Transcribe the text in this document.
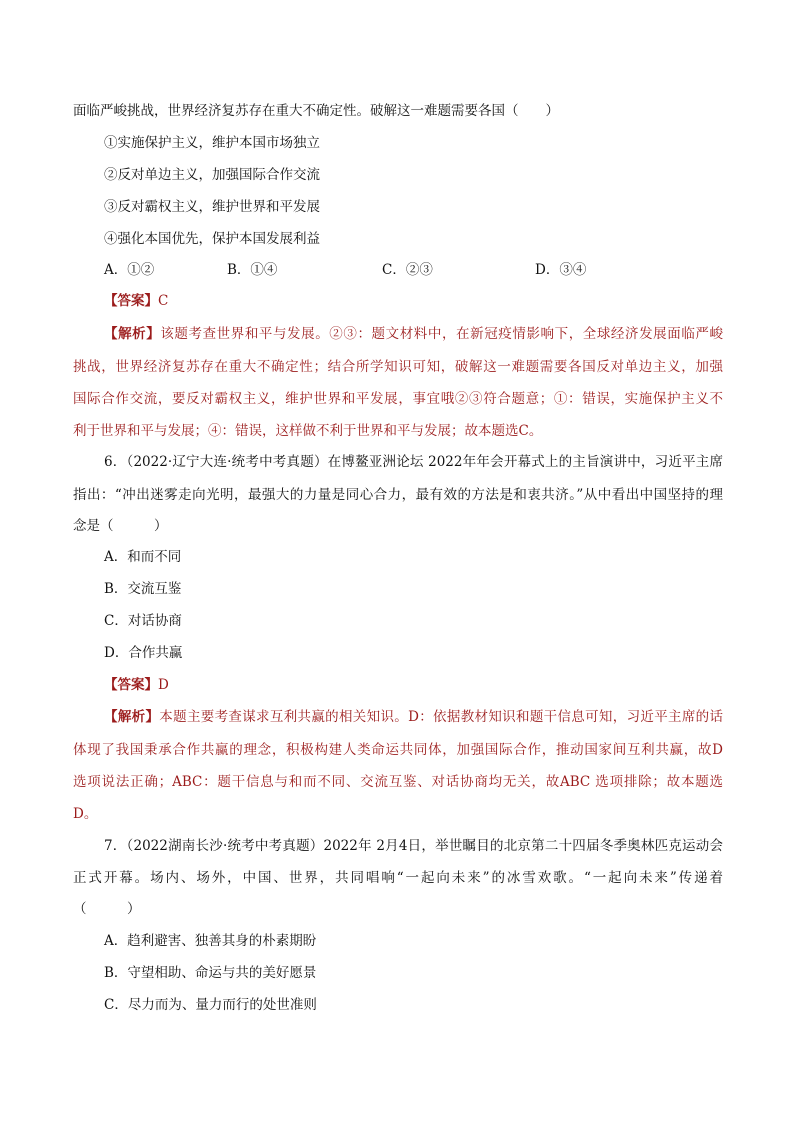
面临严峻挑战，世界经济复苏存在重大不确定性。破解这一难题需要各国（　　）
①实施保护主义，维护本国市场独立
②反对单边主义，加强国际合作交流
③反对霸权主义，维护世界和平发展
④强化本国优先，保护本国发展利益
A．①②	B．①④	C．②③	D．③④
【答案】C
【解析】该题考查世界和平与发展。②③：题文材料中，在新冠疫情影响下，全球经济发展面临严峻
挑战，世界经济复苏存在重大不确定性；结合所学知识可知，破解这一难题需要各国反对单边主义，加强
国际合作交流，要反对霸权主义，维护世界和平发展，事宜哦②③符合题意；①：错误，实施保护主义不
利于世界和平与发展；④：错误，这样做不利于世界和平与发展；故本题选C。
6．（2022·辽宁大连·统考中考真题）在博鳌亚洲论坛 2022年年会开幕式上的主旨演讲中，习近平主席
指出：“冲出迷雾走向光明，最强大的力量是同心合力，最有效的方法是和衷共济。”从中看出中国坚持的理
念是（　　　）
A．和而不同
B．交流互鉴
C．对话协商
D．合作共赢
【答案】D
【解析】本题主要考查谋求互利共赢的相关知识。D：依据教材知识和题干信息可知，习近平主席的话
体现了我国秉承合作共赢的理念，积极构建人类命运共同体，加强国际合作，推动国家间互利共赢，故D
选项说法正确；ABC：题干信息与和而不同、交流互鉴、对话协商均无关，故ABC 选项排除；故本题选
D。
7．（2022湖南长沙·统考中考真题）2022年 2月4日，举世瞩目的北京第二十四届冬季奥林匹克运动会
正式开幕。场内、场外，中国、世界，共同唱响“一起向未来”的冰雪欢歌。“一起向未来”传递着
（　　　）
A．趋利避害、独善其身的朴素期盼
B．守望相助、命运与共的美好愿景
C．尽力而为、量力而行的处世准则
